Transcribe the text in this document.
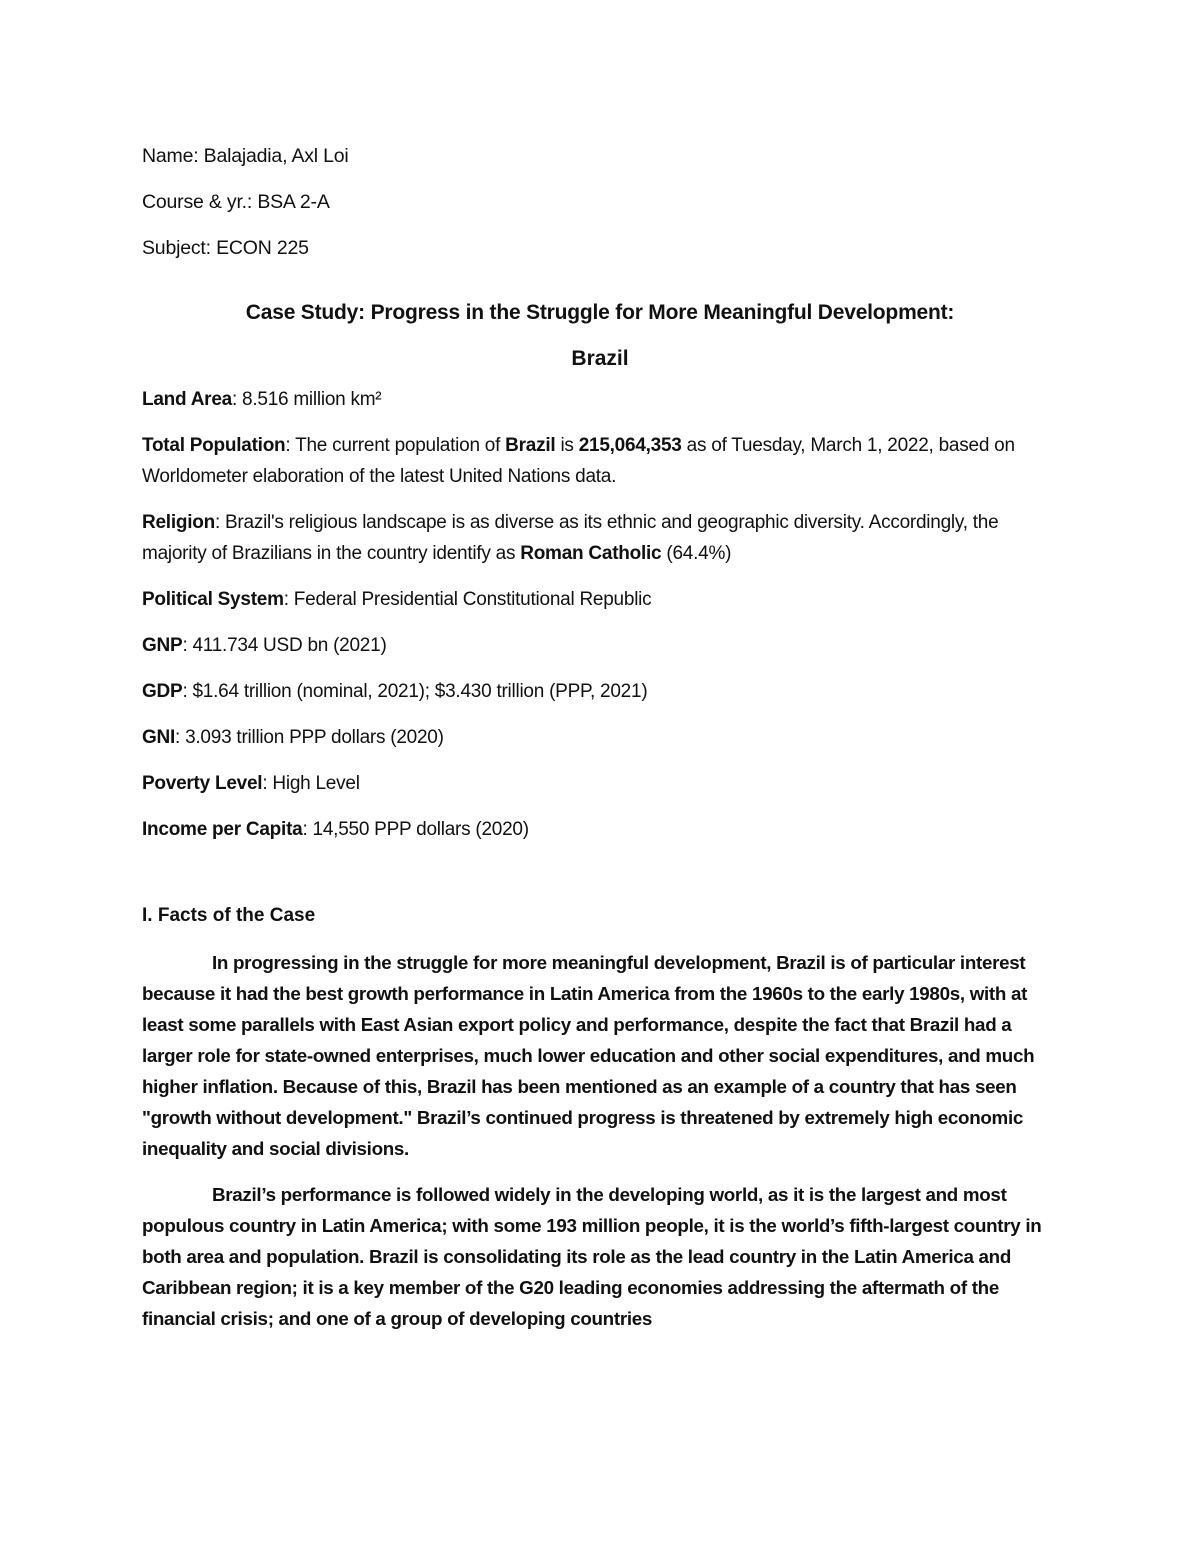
Name: Balajadia, Axl Loi
Course & yr.: BSA 2-A
Subject: ECON 225
Case Study: Progress in the Struggle for More Meaningful Development:
Brazil
Land Area: 8.516 million km²
Total Population: The current population of Brazil is 215,064,353 as of Tuesday, March 1, 2022, based on Worldometer elaboration of the latest United Nations data.
Religion: Brazil's religious landscape is as diverse as its ethnic and geographic diversity. Accordingly, the majority of Brazilians in the country identify as Roman Catholic (64.4%)
Political System: Federal Presidential Constitutional Republic
GNP: 411.734 USD bn (2021)
GDP: $1.64 trillion (nominal, 2021); $3.430 trillion (PPP, 2021)
GNI: 3.093 trillion PPP dollars (2020)
Poverty Level: High Level
Income per Capita: 14,550 PPP dollars (2020)
I. Facts of the Case

In progressing in the struggle for more meaningful development, Brazil is of particular interest because it had the best growth performance in Latin America from the 1960s to the early 1980s, with at least some parallels with East Asian export policy and performance, despite the fact that Brazil had a larger role for state-owned enterprises, much lower education and other social expenditures, and much higher inflation. Because of this, Brazil has been mentioned as an example of a country that has seen "growth without development." Brazil’s continued progress is threatened by extremely high economic inequality and social divisions.

Brazil’s performance is followed widely in the developing world, as it is the largest and most populous country in Latin America; with some 193 million people, it is the world’s fifth-largest country in both area and population. Brazil is consolidating its role as the lead country in the Latin America and Caribbean region; it is a key member of the G20 leading economies addressing the aftermath of the financial crisis; and one of a group of developing countries
